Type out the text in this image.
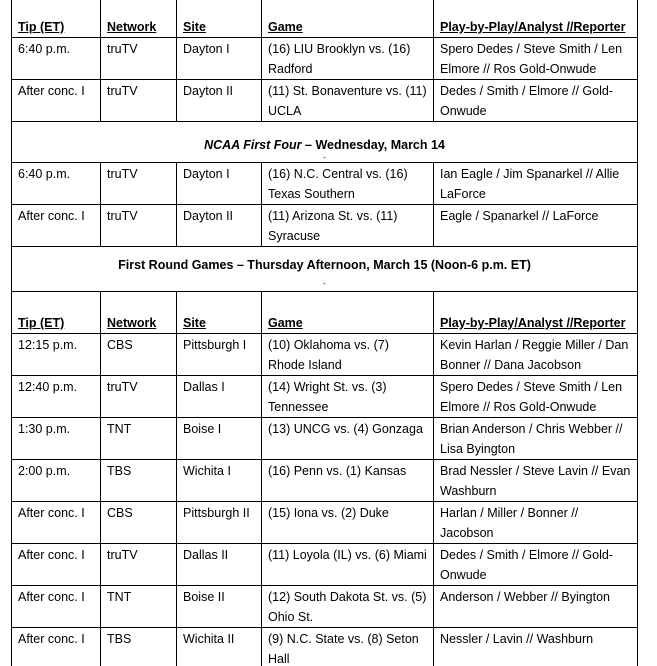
Tip (ET)	Network	Site	Game	Play-by-Play/Analyst //Reporter
6:40 p.m.	truTV	Dayton I	(16) LIU Brooklyn vs. (16) Radford	Spero Dedes / Steve Smith / Len Elmore // Ros Gold-Onwude
After conc. I	truTV	Dayton II	(11) St. Bonaventure vs. (11) UCLA	Dedes / Smith / Elmore // Gold-Onwude

NCAA First Four – Wednesday, March 14
-				

6:40 p.m.	truTV	Dayton I	(16) N.C. Central vs. (16) Texas Southern	Ian Eagle / Jim Spanarkel // Allie LaForce
After conc. I	truTV	Dayton II	(11) Arizona St. vs. (11) Syracuse	Eagle / Spanarkel // LaForce

First Round Games – Thursday Afternoon, March 15 (Noon-6 p.m. ET)
-				

Tip (ET)	Network	Site	Game	Play-by-Play/Analyst //Reporter
12:15 p.m.	CBS	Pittsburgh I	(10) Oklahoma vs. (7) Rhode Island	Kevin Harlan / Reggie Miller / Dan Bonner // Dana Jacobson
12:40 p.m.	truTV	Dallas I	(14) Wright St. vs. (3) Tennessee	Spero Dedes / Steve Smith / Len Elmore // Ros Gold-Onwude
1:30 p.m.	TNT	Boise I	(13) UNCG vs. (4) Gonzaga	Brian Anderson / Chris Webber // Lisa Byington
2:00 p.m.	TBS	Wichita I	(16) Penn vs. (1) Kansas	Brad Nessler / Steve Lavin // Evan Washburn
After conc. I	CBS	Pittsburgh II	(15) Iona vs. (2) Duke	Harlan / Miller / Bonner // Jacobson
After conc. I	truTV	Dallas II	(11) Loyola (IL) vs. (6) Miami	Dedes / Smith / Elmore // Gold-Onwude
After conc. I	TNT	Boise II	(12) South Dakota St. vs. (5) Ohio St.	Anderson / Webber // Byington
After conc. I	TBS	Wichita II	(9) N.C. State vs. (8) Seton Hall	Nessler / Lavin // Washburn
